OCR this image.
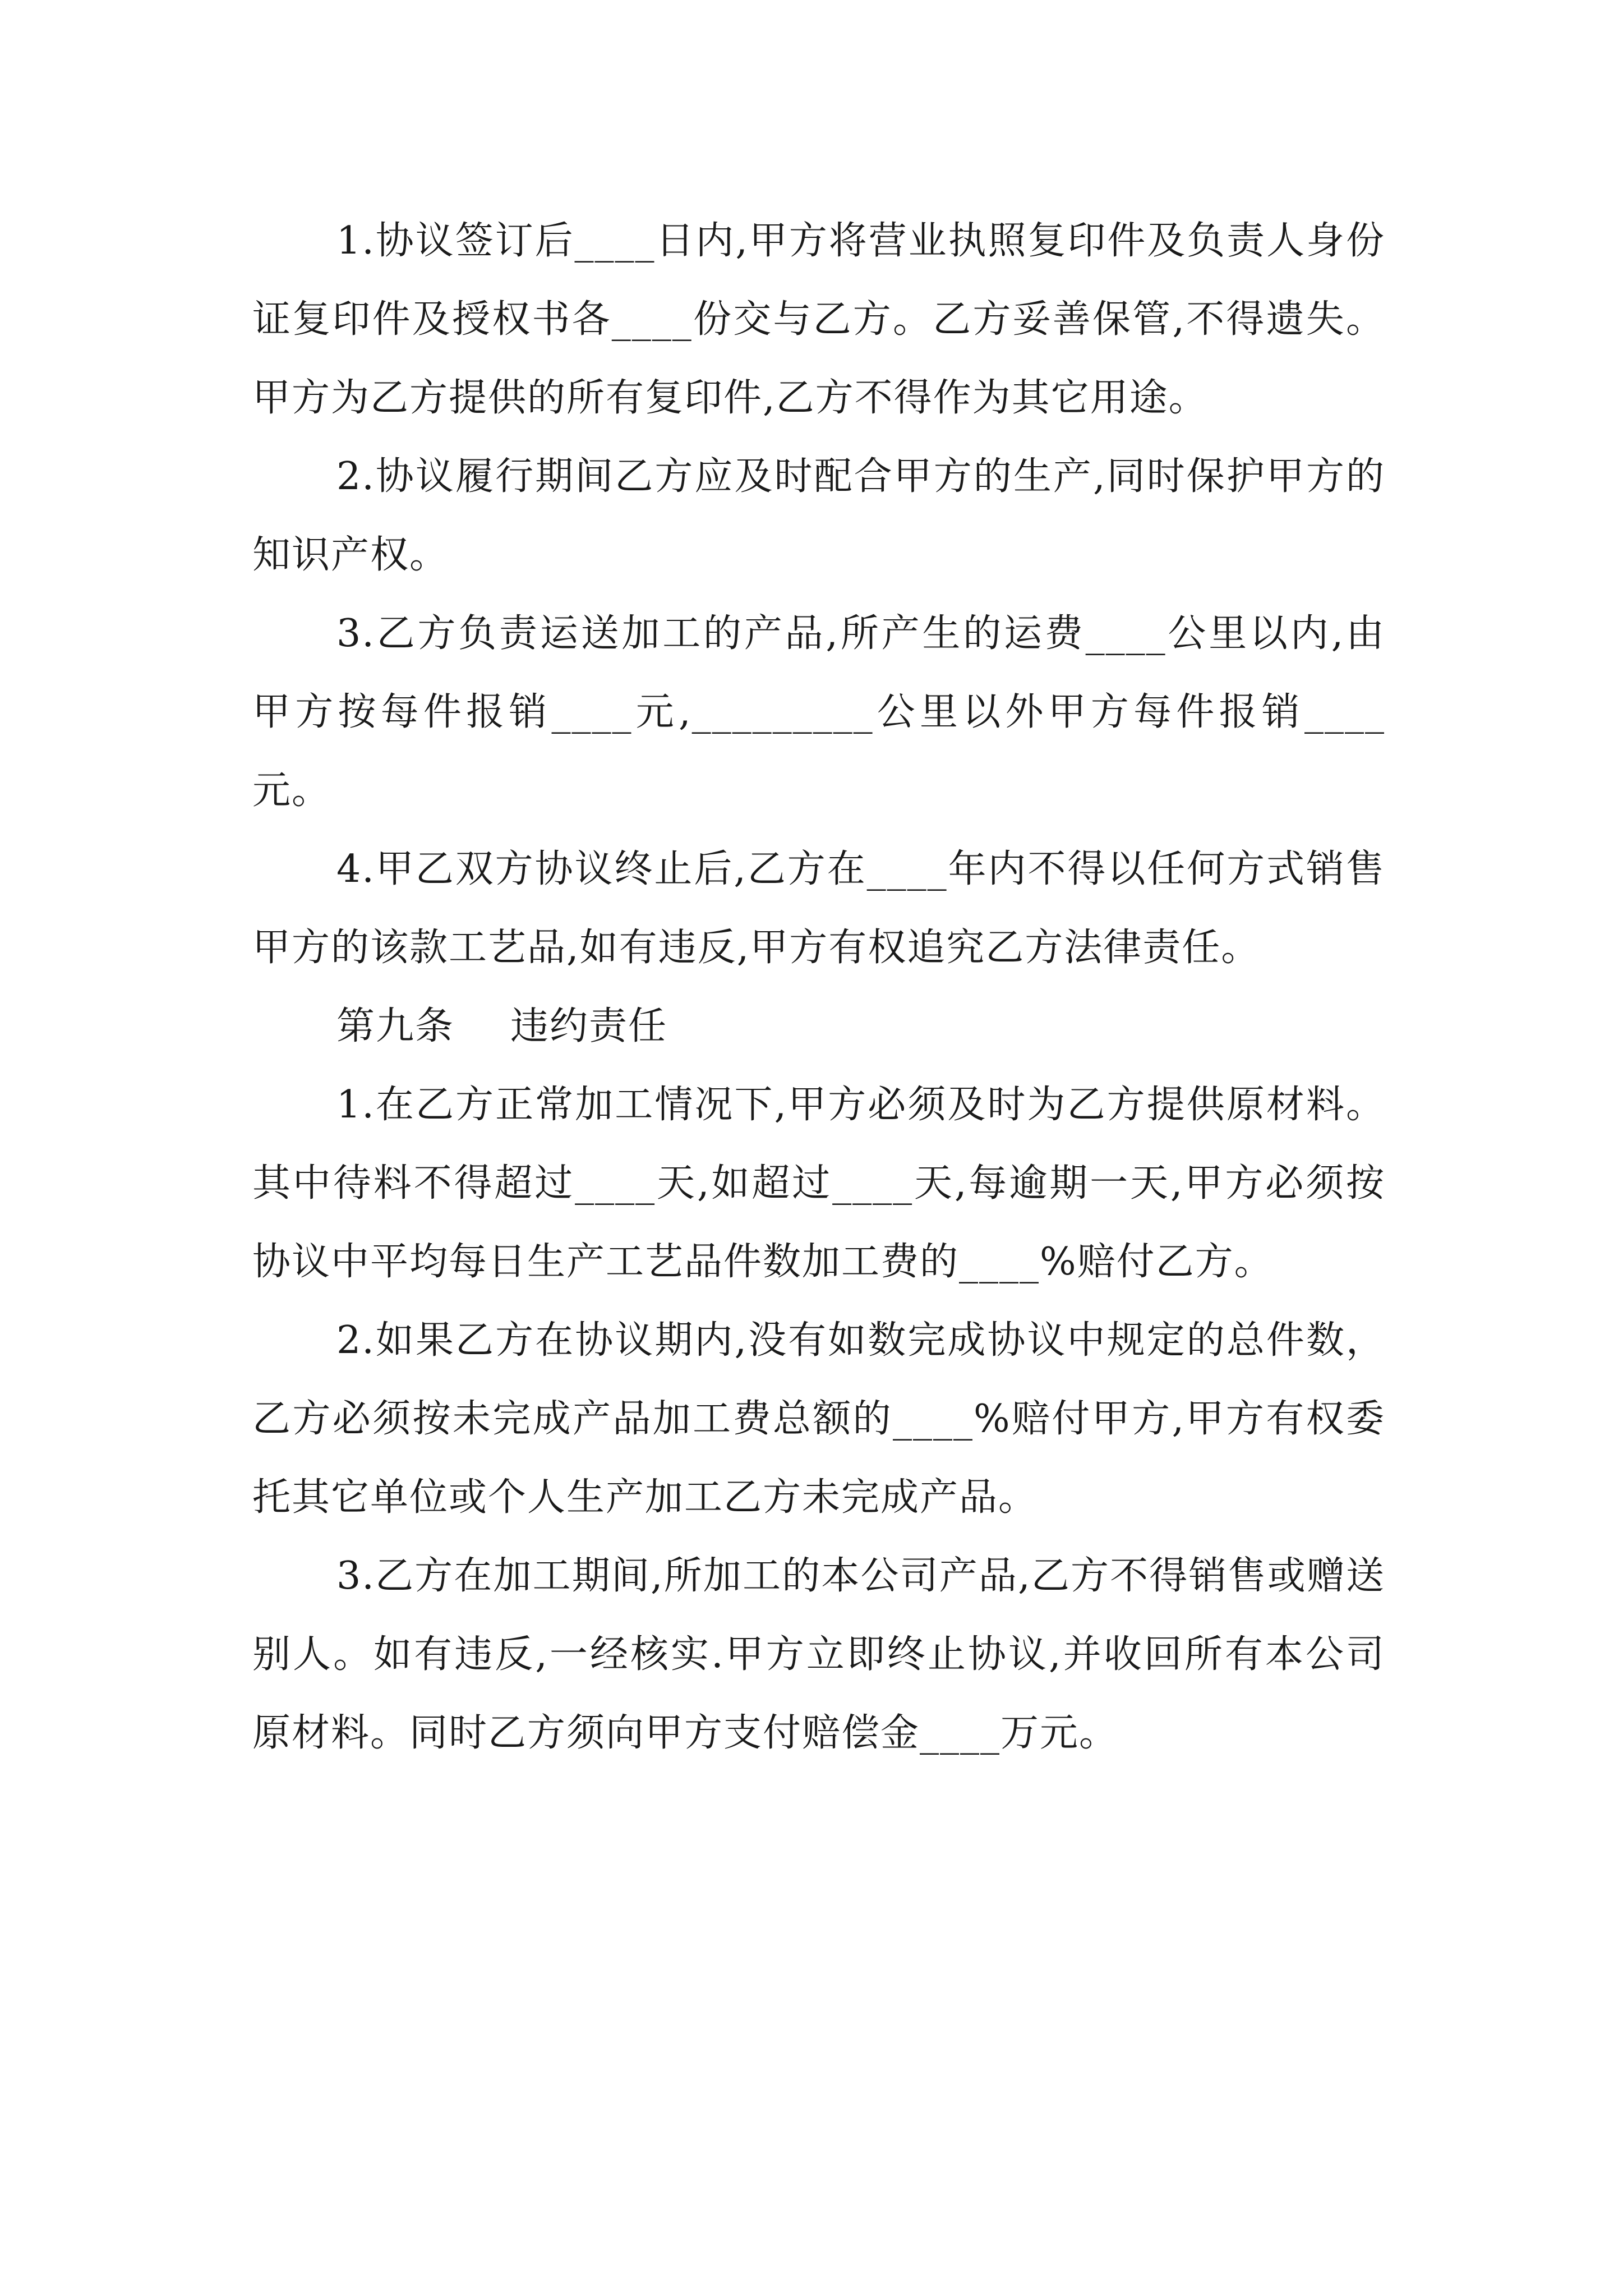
1.协议签订后____日内,甲方将营业执照复印件及负责人身份证复印件及授权书各____份交与乙方。乙方妥善保管,不得遗失。甲方为乙方提供的所有复印件,乙方不得作为其它用途。

2.协议履行期间乙方应及时配合甲方的生产,同时保护甲方的知识产权。

3.乙方负责运送加工的产品,所产生的运费____公里以内,由甲方按每件报销____元,_________公里以外甲方每件报销____元。

4.甲乙双方协议终止后,乙方在____年内不得以任何方式销售甲方的该款工艺品,如有违反,甲方有权追究乙方法律责任。

第九条 违约责任

1.在乙方正常加工情况下,甲方必须及时为乙方提供原材料。其中待料不得超过____天,如超过____天,每逾期一天,甲方必须按协议中平均每日生产工艺品件数加工费的____%赔付乙方。

2.如果乙方在协议期内,没有如数完成协议中规定的总件数，乙方必须按未完成产品加工费总额的____%赔付甲方,甲方有权委托其它单位或个人生产加工乙方未完成产品。

3.乙方在加工期间,所加工的本公司产品,乙方不得销售或赠送别人。如有违反,一经核实.甲方立即终止协议,并收回所有本公司原材料。同时乙方须向甲方支付赔偿金____万元。
